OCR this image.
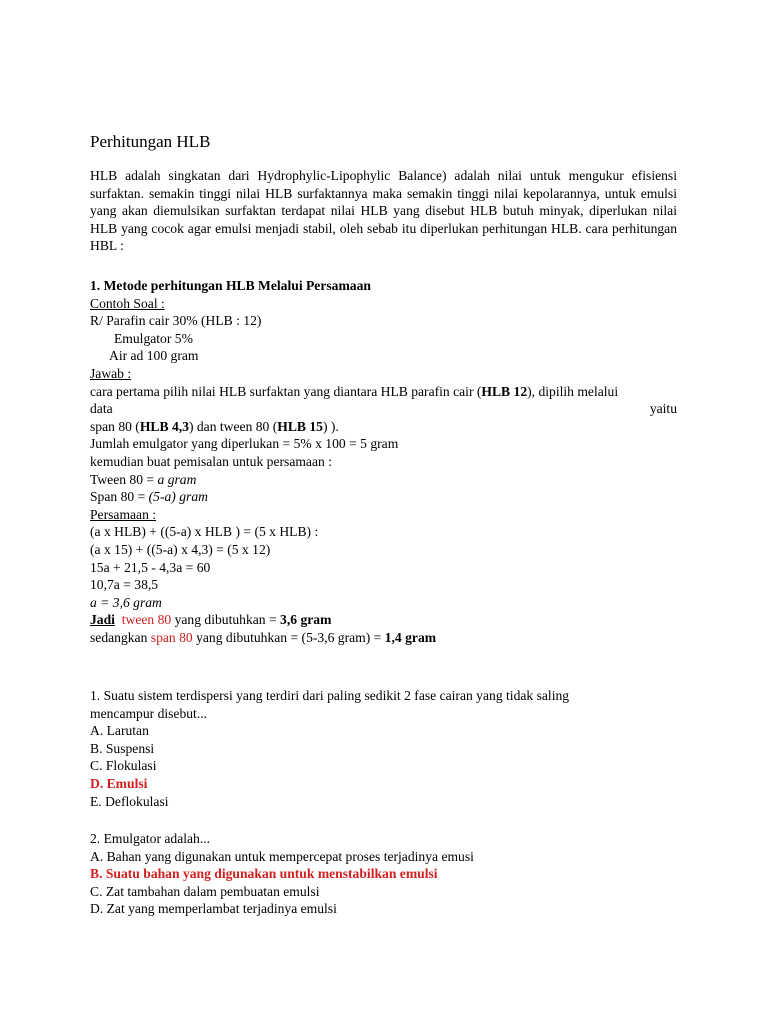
Perhitungan HLB
HLB adalah singkatan dari Hydrophylic-Lipophylic Balance) adalah nilai untuk mengukur efisiensi surfaktan. semakin tinggi nilai HLB surfaktannya maka semakin tinggi nilai kepolarannya, untuk emulsi yang akan diemulsikan surfaktan terdapat nilai HLB yang disebut HLB butuh minyak, diperlukan nilai HLB yang cocok agar emulsi menjadi stabil, oleh sebab itu diperlukan perhitungan HLB. cara perhitungan HBL :
1. Metode perhitungan HLB Melalui Persamaan
Contoh Soal :
R/ Parafin cair 30% (HLB : 12)
Emulgator 5%
Air ad 100 gram
Jawab :
cara pertama pilih nilai HLB surfaktan yang diantara HLB parafin cair (HLB 12), dipilih melalui
data	yaitu
span 80 (HLB 4,3) dan tween 80 (HLB 15) ).
Jumlah emulgator yang diperlukan = 5% x 100 = 5 gram
kemudian buat pemisalan untuk persamaan :
Tween 80 = a gram
Span 80 = (5-a) gram
Persamaan :
(a x HLB) + ((5-a) x HLB ) = (5 x HLB) :
(a x 15) + ((5-a) x 4,3) = (5 x 12)
15a + 21,5 - 4,3a = 60
10,7a = 38,5
a = 3,6 gram
Jadi tween 80 yang dibutuhkan = 3,6 gram
sedangkan span 80 yang dibutuhkan = (5-3,6 gram) = 1,4 gram
1. Suatu sistem terdispersi yang terdiri dari paling sedikit 2 fase cairan yang tidak saling
mencampur disebut...
A. Larutan
B. Suspensi
C. Flokulasi
D. Emulsi
E. Deflokulasi
2. Emulgator adalah...
A. Bahan yang digunakan untuk mempercepat proses terjadinya emusi
B. Suatu bahan yang digunakan untuk menstabilkan emulsi
C. Zat tambahan dalam pembuatan emulsi
D. Zat yang memperlambat terjadinya emulsi
